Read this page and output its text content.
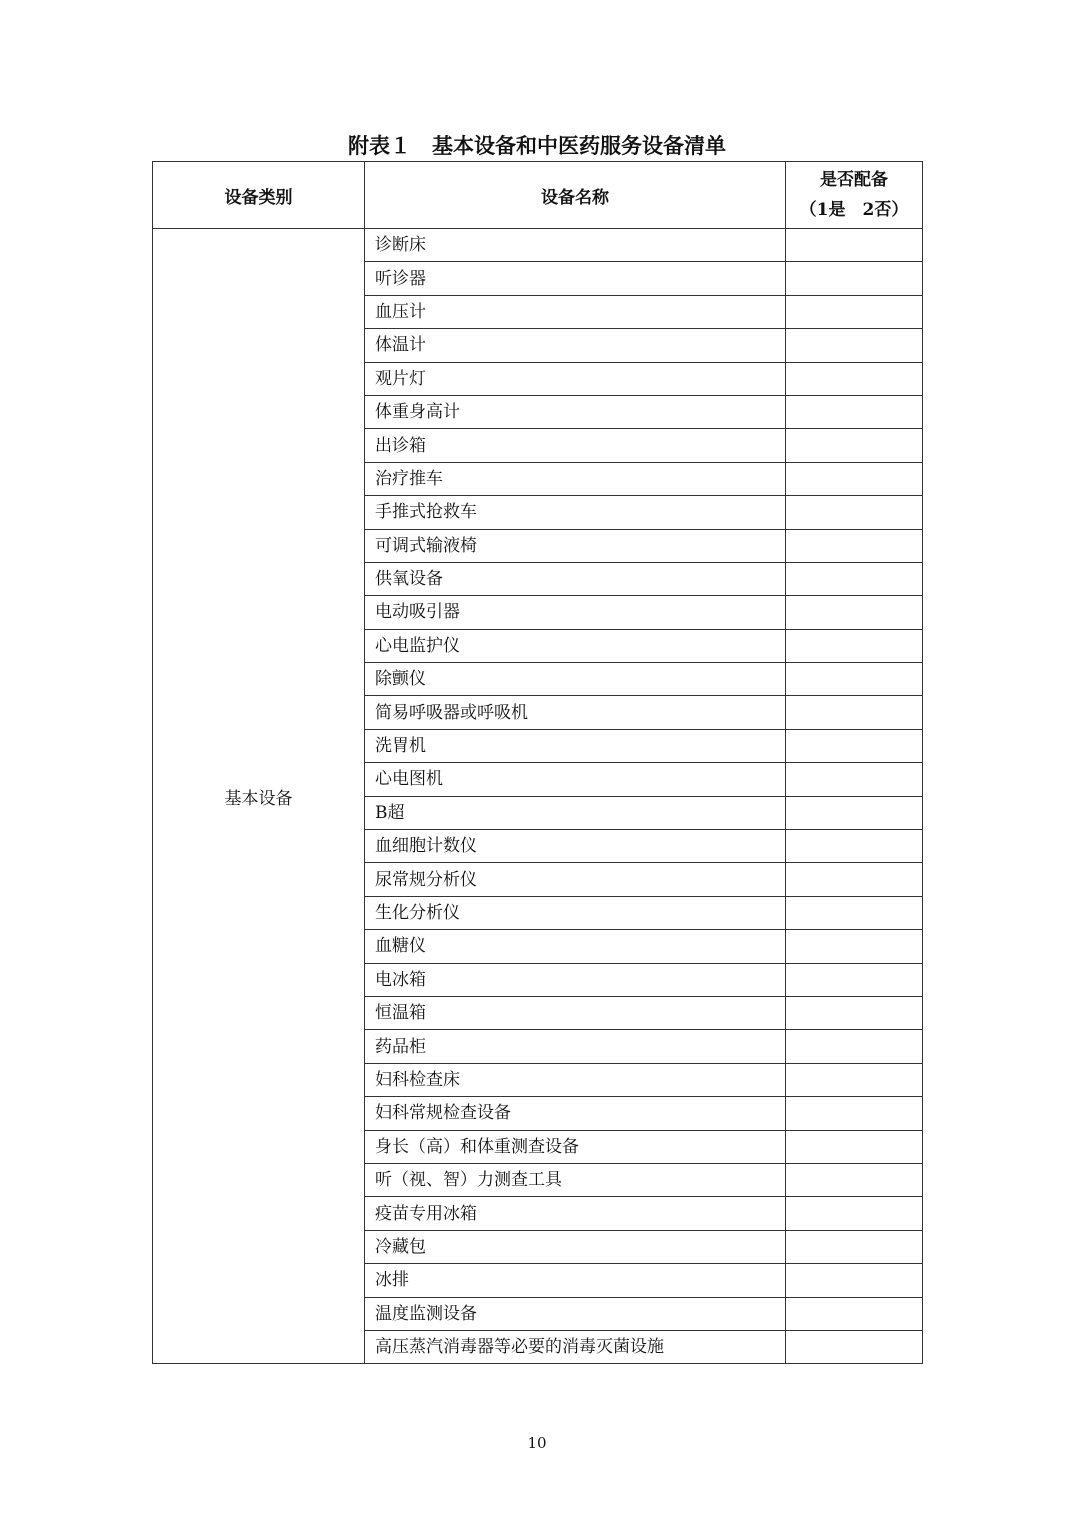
附表１　基本设备和中医药服务设备清单
设备类别	设备名称	是否配备
（1是　2否）

基本设备	诊断床	
	听诊器	
	血压计	
	体温计	
	观片灯	
	体重身高计	
	出诊箱	
	治疗推车	
	手推式抢救车	
	可调式输液椅	
	供氧设备	
	电动吸引器	
	心电监护仪	
	除颤仪	
	简易呼吸器或呼吸机	
	洗胃机	
	心电图机	
	B超	
	血细胞计数仪	
	尿常规分析仪	
	生化分析仪	
	血糖仪	
	电冰箱	
	恒温箱	
	药品柜	
	妇科检查床	
	妇科常规检查设备	
	身长（高）和体重测查设备	
	听（视、智）力测查工具	
	疫苗专用冰箱	
	冷藏包	
	冰排	
	温度监测设备	
	高压蒸汽消毒器等必要的消毒灭菌设施	
10
